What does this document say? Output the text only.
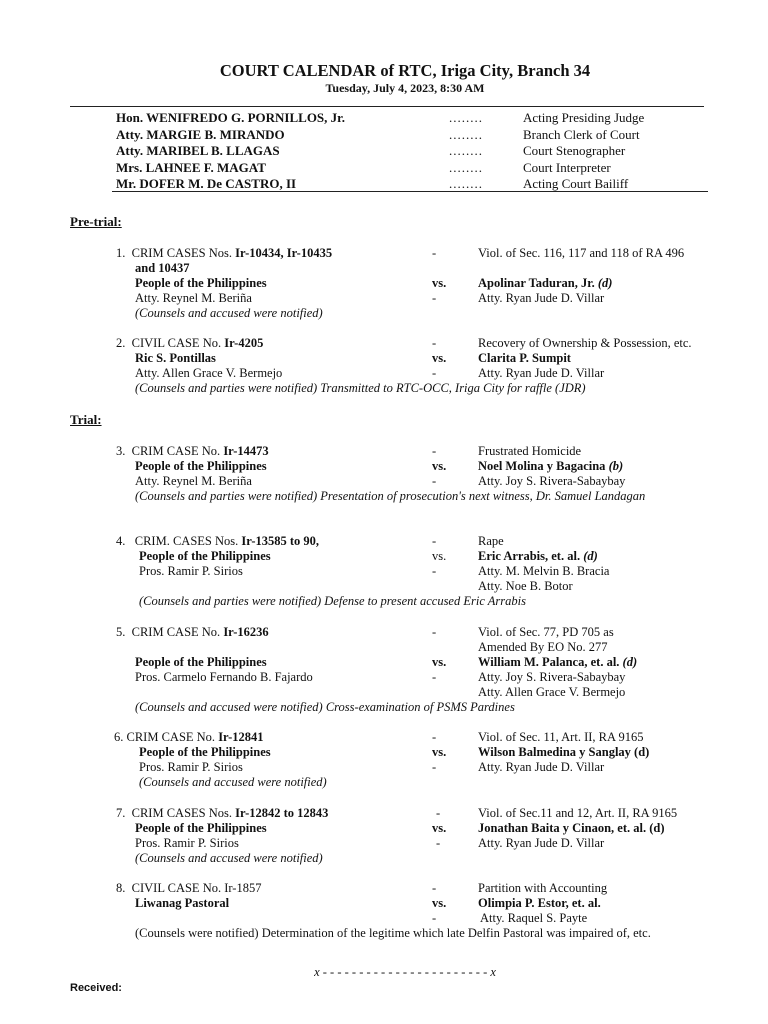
COURT CALENDAR of RTC, Iriga City, Branch 34
Tuesday, July 4, 2023, 8:30 AM
Hon. WENIFREDO G. PORNILLOS, Jr.	........	Acting Presiding Judge
Atty. MARGIE B. MIRANDO	........	Branch Clerk of Court
Atty. MARIBEL B. LLAGAS	........	Court Stenographer
Mrs. LAHNEE F. MAGAT	........	Court Interpreter
Mr. DOFER M. De CASTRO, II	........	Acting Court Bailiff
Pre-trial:
1. CRIM CASES Nos. Ir-10434, Ir-10435	-	Viol. of Sec. 116, 117 and 118 of RA 496
and 10437
People of the Philippines	vs.	Apolinar Taduran, Jr. (d)
Atty. Reynel M. Beriña	-	Atty. Ryan Jude D. Villar
(Counsels and accused were notified)
2. CIVIL CASE No. Ir-4205	-	Recovery of Ownership & Possession, etc.
Ric S. Pontillas	vs.	Clarita P. Sumpit
Atty. Allen Grace V. Bermejo	-	Atty. Ryan Jude D. Villar
(Counsels and parties were notified) Transmitted to RTC-OCC, Iriga City for raffle (JDR)
Trial:
3. CRIM CASE No. Ir-14473	-	Frustrated Homicide
People of the Philippines	vs.	Noel Molina y Bagacina (b)
Atty. Reynel M. Beriña	-	Atty. Joy S. Rivera-Sabaybay
(Counsels and parties were notified) Presentation of prosecution's next witness, Dr. Samuel Landagan
4. CRIM. CASES Nos. Ir-13585 to 90,	-	Rape
People of the Philippines	vs.	Eric Arrabis, et. al. (d)
Pros. Ramir P. Sirios	-	Atty. M. Melvin B. Bracia
Atty. Noe B. Botor
(Counsels and parties were notified) Defense to present accused Eric Arrabis
5. CRIM CASE No. Ir-16236	-	Viol. of Sec. 77, PD 705 as
Amended By EO No. 277
People of the Philippines	vs.	William M. Palanca, et. al. (d)
Pros. Carmelo Fernando B. Fajardo	-	Atty. Joy S. Rivera-Sabaybay
Atty. Allen Grace V. Bermejo
(Counsels and accused were notified) Cross-examination of PSMS Pardines
6. CRIM CASE No. Ir-12841	-	Viol. of Sec. 11, Art. II, RA 9165
People of the Philippines	vs.	Wilson Balmedina y Sanglay (d)
Pros. Ramir P. Sirios	-	Atty. Ryan Jude D. Villar
(Counsels and accused were notified)
7. CRIM CASES Nos. Ir-12842 to 12843	-	Viol. of Sec.11 and 12, Art. II, RA 9165
People of the Philippines	vs.	Jonathan Baita y Cinaon, et. al. (d)
Pros. Ramir P. Sirios	-	Atty. Ryan Jude D. Villar
(Counsels and accused were notified)
8. CIVIL CASE No. Ir-1857	-	Partition with Accounting
Liwanag Pastoral	vs.	Olimpia P. Estor, et. al.
-	Atty. Raquel S. Payte
(Counsels were notified) Determination of the legitime which late Delfin Pastoral was impaired of, etc.
x - - - - - - - - - - - - - - - - - - - - - - - x
Received:
